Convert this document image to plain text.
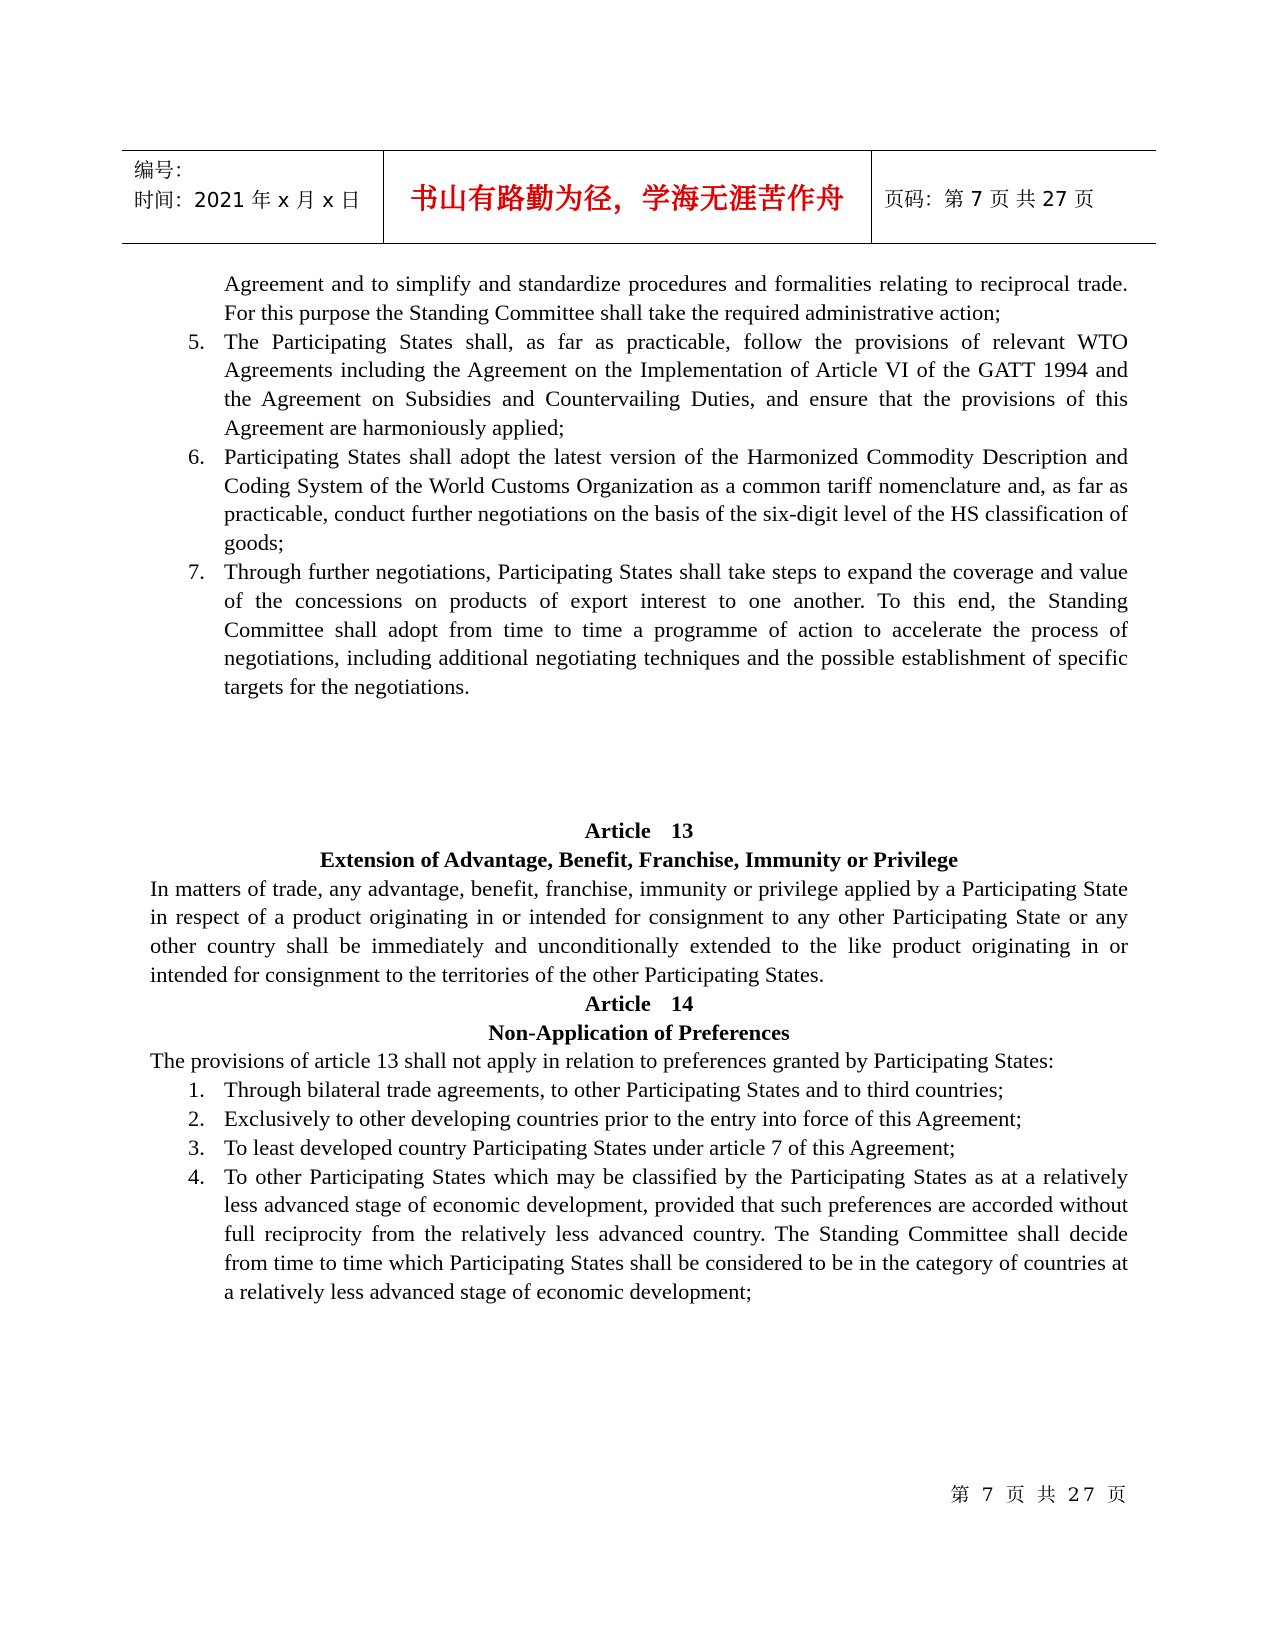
编号：
时间：2021 年 x 月 x 日	书山有路勤为径，学海无涯苦作舟	页码：第 7 页 共 27 页

Agreement and to simplify and standardize procedures and formalities relating to reciprocal trade. For this purpose the Standing Committee shall take the required administrative action;

5. The Participating States shall, as far as practicable, follow the provisions of relevant WTO Agreements including the Agreement on the Implementation of Article VI of the GATT 1994 and the Agreement on Subsidies and Countervailing Duties, and ensure that the provisions of this Agreement are harmoniously applied;
6. Participating States shall adopt the latest version of the Harmonized Commodity Description and Coding System of the World Customs Organization as a common tariff nomenclature and, as far as practicable, conduct further negotiations on the basis of the six-digit level of the HS classification of goods;
7. Through further negotiations, Participating States shall take steps to expand the coverage and value of the concessions on products of export interest to one another. To this end, the Standing Committee shall adopt from time to time a programme of action to accelerate the process of negotiations, including additional negotiating techniques and the possible establishment of specific targets for the negotiations.

Article 13

Extension of Advantage, Benefit, Franchise, Immunity or Privilege

In matters of trade, any advantage, benefit, franchise, immunity or privilege applied by a Participating State in respect of a product originating in or intended for consignment to any other Participating State or any other country shall be immediately and unconditionally extended to the like product originating in or intended for consignment to the territories of the other Participating States.

Article 14

Non-Application of Preferences

The provisions of article 13 shall not apply in relation to preferences granted by Participating States:

1. Through bilateral trade agreements, to other Participating States and to third countries;
2. Exclusively to other developing countries prior to the entry into force of this Agreement;
3. To least developed country Participating States under article 7 of this Agreement;
4. To other Participating States which may be classified by the Participating States as at a relatively less advanced stage of economic development, provided that such preferences are accorded without full reciprocity from the relatively less advanced country. The Standing Committee shall decide from time to time which Participating States shall be considered to be in the category of countries at a relatively less advanced stage of economic development;
第 7 页 共 27 页
